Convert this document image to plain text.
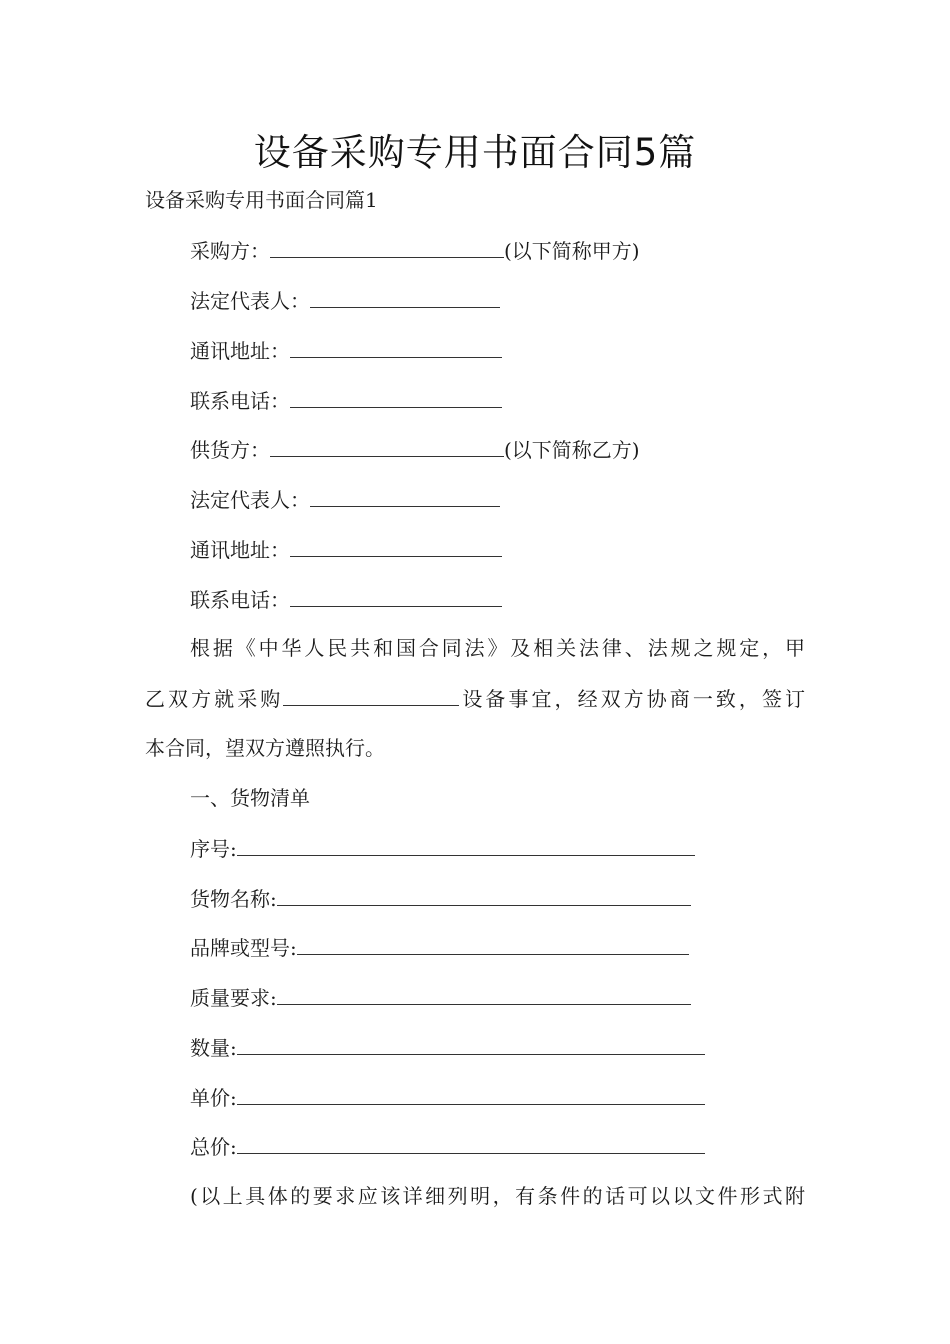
设备采购专用书面合同5篇
设备采购专用书面合同篇1
采购方：	(以下简称甲方)
法定代表人：
通讯地址：
联系电话：
供货方：	(以下简称乙方)
法定代表人：
通讯地址：
联系电话：
根据《中华人民共和国合同法》及相关法律、法规之规定，甲
乙双方就采购	设备事宜，经双方协商一致，签订
本合同，望双方遵照执行。
一、货物清单
序号:
货物名称:
品牌或型号:
质量要求:
数量:
单价:
总价:
(以上具体的要求应该详细列明，有条件的话可以以文件形式附
